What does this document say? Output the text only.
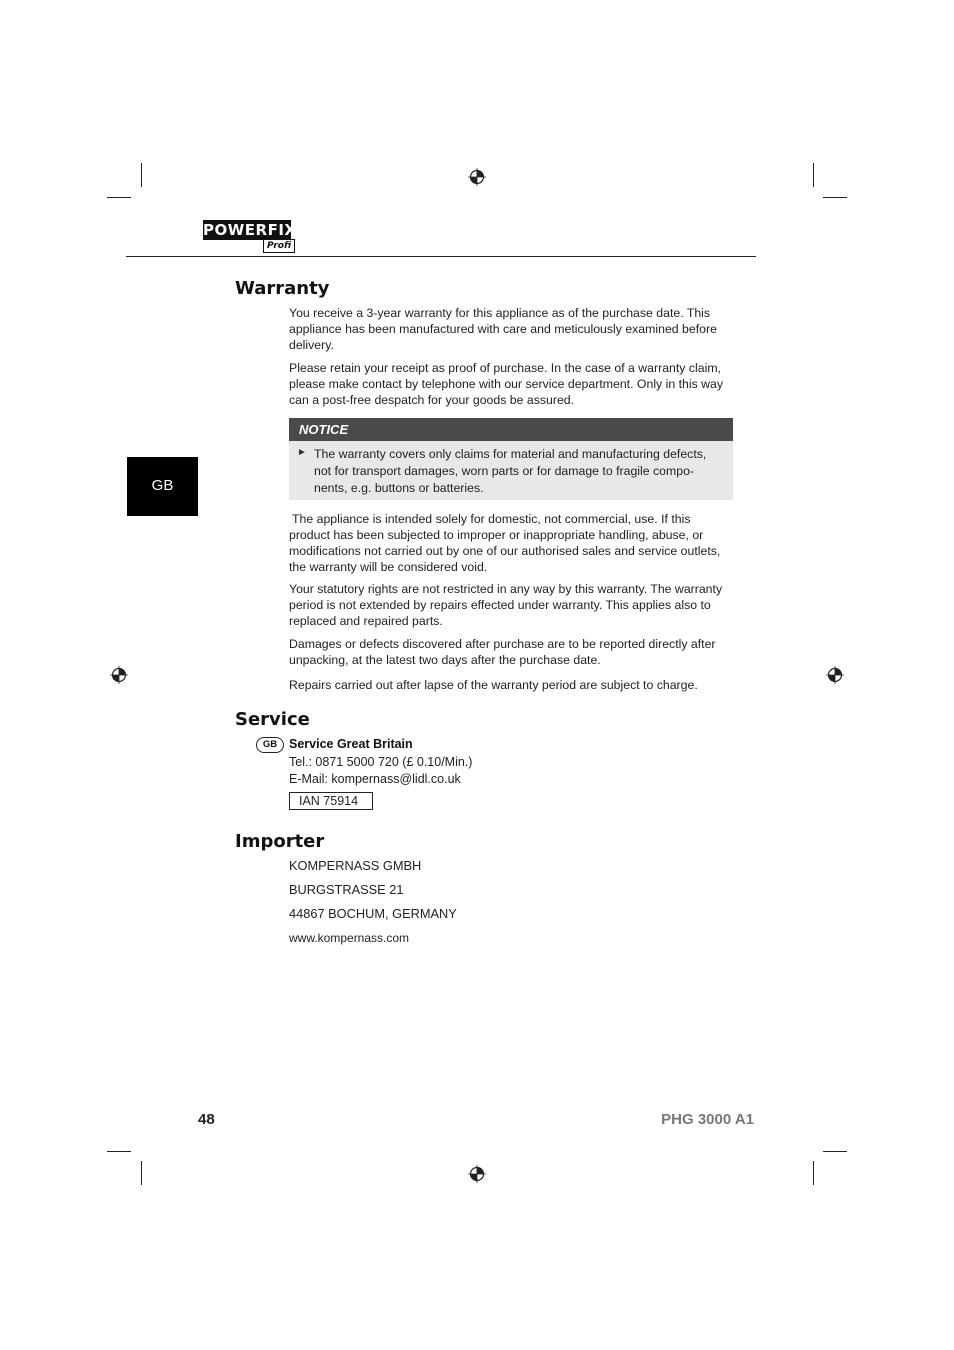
POWERFIX
Profi
GB
Warranty

You receive a 3-year warranty for this appliance as of the purchase date. This appliance has been manufactured with care and meticulously examined before delivery.

Please retain your receipt as proof of purchase. In the case of a warranty claim, please make contact by telephone with our service department. Only in this way can a post-free despatch for your goods be assured.

NOTICE
► The warranty covers only claims for material and manufacturing defects, not for transport damages, worn parts or for damage to fragile compo-nents, e.g. buttons or batteries.

The appliance is intended solely for domestic, not commercial, use. If this product has been subjected to improper or inappropriate handling, abuse, or modifications not carried out by one of our authorised sales and service outlets, the warranty will be considered void.

Your statutory rights are not restricted in any way by this warranty. The warranty period is not extended by repairs effected under warranty. This applies also to replaced and repaired parts.

Damages or defects discovered after purchase are to be reported directly after unpacking, at the latest two days after the purchase date.

Repairs carried out after lapse of the warranty period are subject to charge.

Service
GB Service Great Britain
Tel.: 0871 5000 720 (£ 0.10/Min.)
E-Mail: kompernass@lidl.co.uk
IAN 75914
Importer
KOMPERNASS GMBH
BURGSTRASSE 21
44867 BOCHUM, GERMANY
www.kompernass.com
48	PHG 3000 A1
